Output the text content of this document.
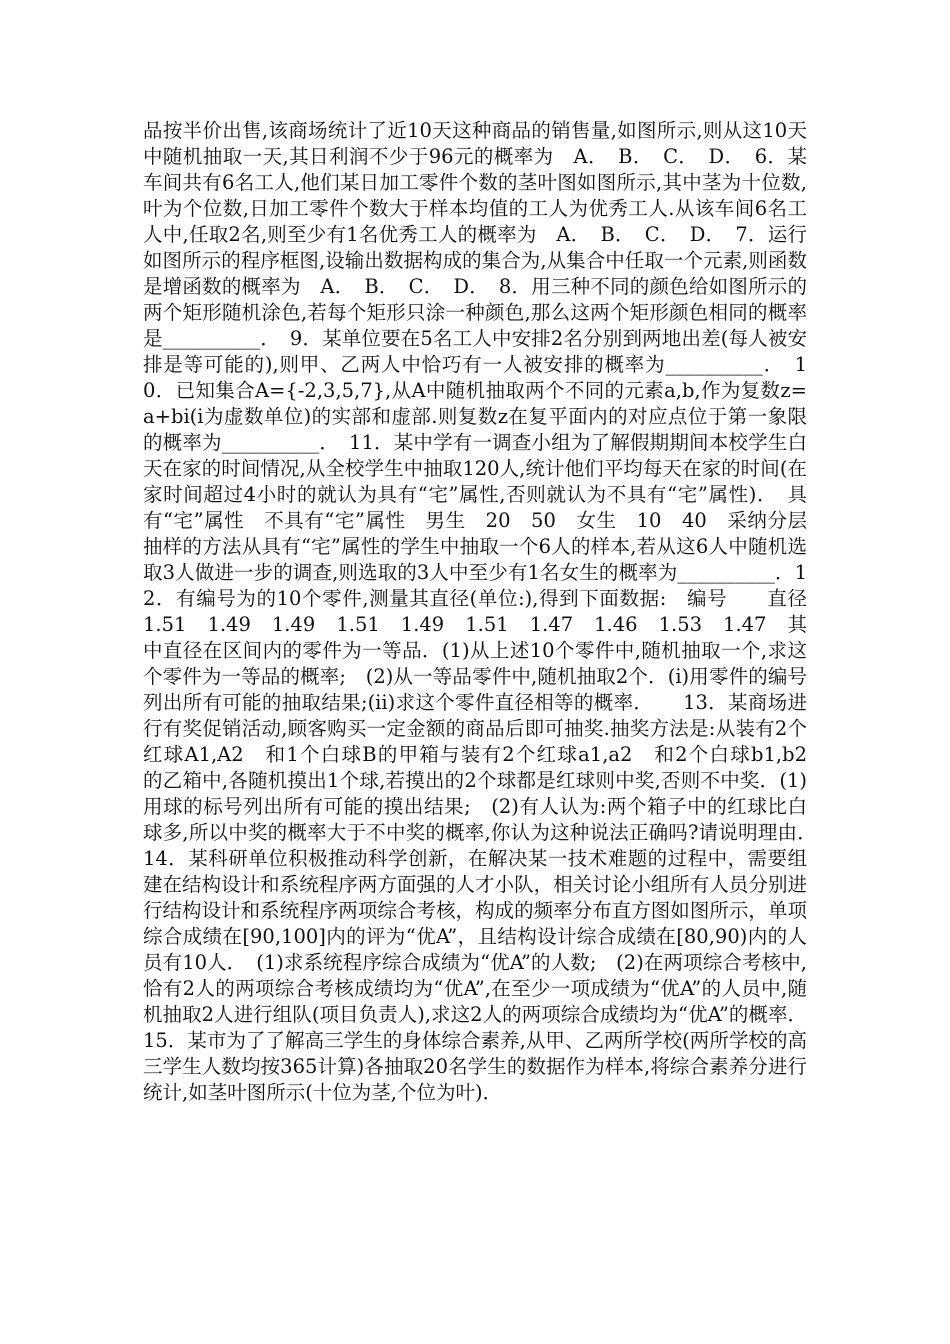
品按半价出售,该商场统计了近10天这种商品的销售量,如图所示,则从这10天中随机抽取一天,其日利润不少于96元的概率为　A．　B．　C．　D．　6．某车间共有6名工人,他们某日加工零件个数的茎叶图如图所示,其中茎为十位数,叶为个位数,日加工零件个数大于样本均值的工人为优秀工人.从该车间6名工人中,任取2名,则至少有1名优秀工人的概率为　A．　B．　C．　D．　7．运行如图所示的程序框图,设输出数据构成的集合为,从集合中任取一个元素,则函数是增函数的概率为　A．　B．　C．　D．　8．用三种不同的颜色给如图所示的两个矩形随机涂色,若每个矩形只涂一种颜色,那么这两个矩形颜色相同的概率是__________．　9．某单位要在5名工人中安排2名分别到两地出差(每人被安排是等可能的),则甲、乙两人中恰巧有一人被安排的概率为__________．　10．已知集合A={-2,3,5,7},从A中随机抽取两个不同的元素a,b,作为复数z=a+bi(i为虚数单位)的实部和虚部.则复数z在复平面内的对应点位于第一象限的概率为__________．　11．某中学有一调查小组为了解假期期间本校学生白天在家的时间情况,从全校学生中抽取120人,统计他们平均每天在家的时间(在家时间超过4小时的就认为具有“宅”属性,否则就认为不具有“宅”属性)．　具有“宅”属性　不具有“宅”属性　男生　20　50　女生　10　40　采纳分层抽样的方法从具有“宅”属性的学生中抽取一个6人的样本,若从这6人中随机选取3人做进一步的调查,则选取的3人中至少有1名女生的概率为__________．12．有编号为的10个零件,测量其直径(单位:),得到下面数据:　编号　　直径　1.51　1.49　1.49　1.51　1.49　1.51　1.47　1.46　1.53　1.47　其中直径在区间内的零件为一等品．(1)从上述10个零件中,随机抽取一个,求这个零件为一等品的概率;　(2)从一等品零件中,随机抽取2个．(i)用零件的编号列出所有可能的抽取结果;(ii)求这个零件直径相等的概率．　　13．某商场进行有奖促销活动,顾客购买一定金额的商品后即可抽奖.抽奖方法是:从装有2个红球A1,A2　和1个白球B的甲箱与装有2个红球a1,a2　和2个白球b1,b2　的乙箱中,各随机摸出1个球,若摸出的2个球都是红球则中奖,否则不中奖．(1)用球的标号列出所有可能的摸出结果;　(2)有人认为:两个箱子中的红球比白球多,所以中奖的概率大于不中奖的概率,你认为这种说法正确吗?请说明理由．　　14．某科研单位积极推动科学创新，在解决某一技术难题的过程中，需要组建在结构设计和系统程序两方面强的人才小队，相关讨论小组所有人员分别进行结构设计和系统程序两项综合考核，构成的频率分布直方图如图所示，单项综合成绩在[90,100]内的评为“优A”，且结构设计综合成绩在[80,90)内的人员有10人．　(1)求系统程序综合成绩为“优A”的人数;　(2)在两项综合考核中,恰有2人的两项综合考核成绩均为“优A”,在至少一项成绩为“优A”的人员中,随机抽取2人进行组队(项目负责人),求这2人的两项综合成绩均为“优A”的概率．15．某市为了了解高三学生的身体综合素养,从甲、乙两所学校(两所学校的高三学生人数均按365计算)各抽取20名学生的数据作为样本,将综合素养分进行统计,如茎叶图所示(十位为茎,个位为叶)．
